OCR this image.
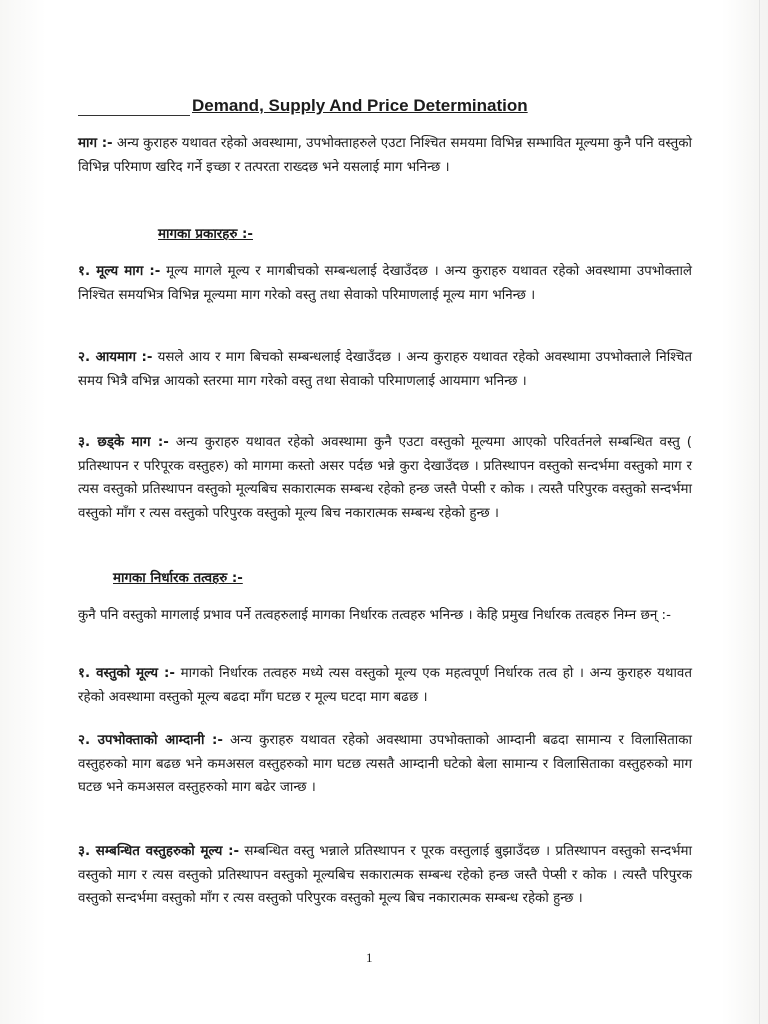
Demand, Supply And Price Determination

माग :- अन्य कुराहरु यथावत रहेको अवस्थामा, उपभोक्ताहरुले एउटा निश्चित समयमा विभिन्न सम्भावित मूल्यमा कुनै पनि वस्तुको विभिन्न परिमाण खरिद गर्ने इच्छा र तत्परता राख्दछ भने यसलाई माग भनिन्छ ।

मागका प्रकारहरु :-

१. मूल्य माग :- मूल्य मागले मूल्य र मागबीचको सम्बन्धलाई देखाउँदछ । अन्य कुराहरु यथावत रहेको अवस्थामा उपभोक्ताले निश्चित समयभित्र विभिन्न मूल्यमा माग गरेको वस्तु तथा सेवाको परिमाणलाई मूल्य माग भनिन्छ ।

२. आयमाग :- यसले आय र माग बिचको सम्बन्धलाई देखाउँदछ । अन्य कुराहरु यथावत रहेको अवस्थामा उपभोक्ताले निश्चित समय भित्रै वभिन्न आयको स्तरमा माग गरेको वस्तु तथा सेवाको परिमाणलाई आयमाग भनिन्छ ।

३. छड्के माग :- अन्य कुराहरु यथावत रहेको अवस्थामा कुनै एउटा वस्तुको मूल्यमा आएको परिवर्तनले सम्बन्धित वस्तु ( प्रतिस्थापन र परिपूरक वस्तुहरु) को मागमा कस्तो असर पर्दछ भन्ने कुरा देखाउँदछ । प्रतिस्थापन वस्तुको सन्दर्भमा वस्तुको माग र त्यस वस्तुको प्रतिस्थापन वस्तुको मूल्यबिच सकारात्मक सम्बन्ध रहेको हन्छ जस्तै पेप्सी र कोक । त्यस्तै परिपुरक वस्तुको सन्दर्भमा वस्तुको माँग र त्यस वस्तुको परिपुरक वस्तुको मूल्य बिच नकारात्मक सम्बन्ध रहेको हुन्छ ।

मागका निर्धारक तत्वहरु :-

कुनै पनि वस्तुको मागलाई प्रभाव पर्ने तत्वहरुलाई मागका निर्धारक तत्वहरु भनिन्छ । केहि प्रमुख निर्धारक तत्वहरु निम्न छन् :-

१. वस्तुको मूल्य :- मागको निर्धारक तत्वहरु मध्ये त्यस वस्तुको मूल्य एक महत्वपूर्ण निर्धारक तत्व हो । अन्य कुराहरु यथावत रहेको अवस्थामा वस्तुको मूल्य बढदा माँग घटछ र मूल्य घटदा माग बढछ ।

२. उपभोक्ताको आम्दानी :- अन्य कुराहरु यथावत रहेको अवस्थामा उपभोक्ताको आम्दानी बढदा सामान्य र विलासिताका वस्तुहरुको माग बढछ भने कमअसल वस्तुहरुको माग घटछ त्यसतै आम्दानी घटेको बेला सामान्य र विलासिताका वस्तुहरुको माग घटछ भने कमअसल वस्तुहरुको माग बढेर जान्छ ।

३. सम्बन्धित वस्तुहरुको मूल्य :- सम्बन्धित वस्तु भन्नाले प्रतिस्थापन र पूरक वस्तुलाई बुझाउँदछ । प्रतिस्थापन वस्तुको सन्दर्भमा वस्तुको माग र त्यस वस्तुको प्रतिस्थापन वस्तुको मूल्यबिच सकारात्मक सम्बन्ध रहेको हन्छ जस्तै पेप्सी र कोक । त्यस्तै परिपुरक वस्तुको सन्दर्भमा वस्तुको माँग र त्यस वस्तुको परिपुरक वस्तुको मूल्य बिच नकारात्मक सम्बन्ध रहेको हुन्छ ।

1
